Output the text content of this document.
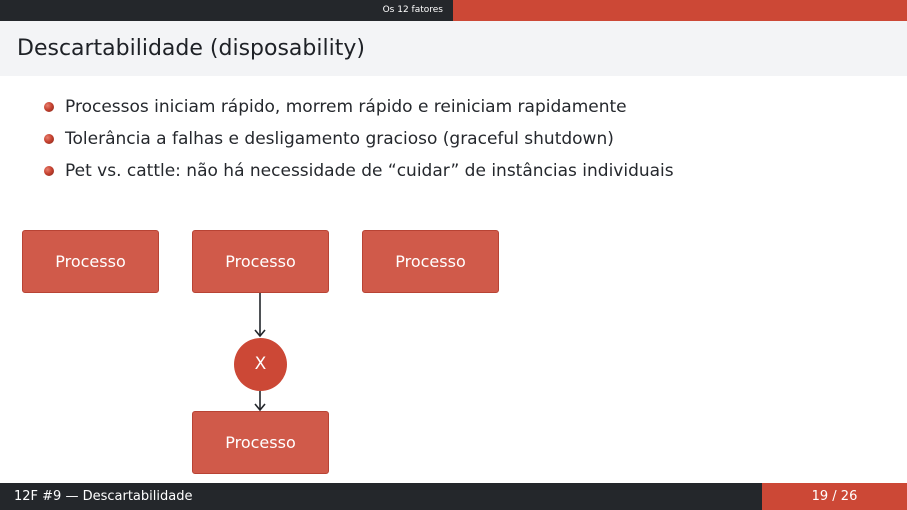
Os 12 fatores
Descartabilidade (disposability)
Processos iniciam rápido, morrem rápido e reiniciam rapidamente
Tolerância a falhas e desligamento gracioso (graceful shutdown)
Pet vs. cattle: não há necessidade de “cuidar” de instâncias individuais
Processo	Processo	Processo
Processo
X
12F #9 — Descartabilidade	19 / 26
